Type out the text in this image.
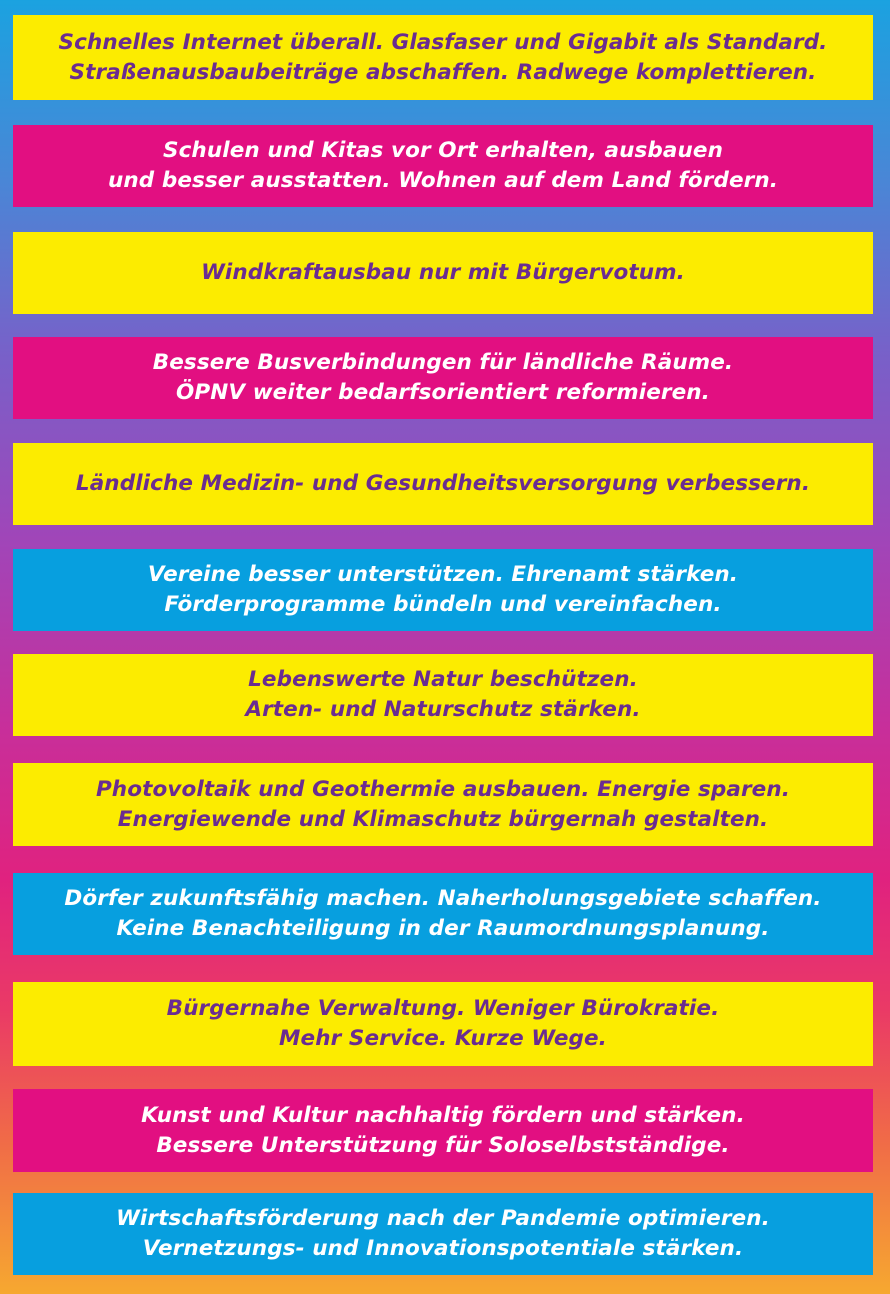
Schnelles Internet überall. Glasfaser und Gigabit als Standard.
Straßenausbaubeiträge abschaffen. Radwege komplettieren.
Schulen und Kitas vor Ort erhalten, ausbauen
und besser ausstatten. Wohnen auf dem Land fördern.
Windkraftausbau nur mit Bürgervotum.
Bessere Busverbindungen für ländliche Räume.
ÖPNV weiter bedarfsorientiert reformieren.
Ländliche Medizin- und Gesundheitsversorgung verbessern.
Vereine besser unterstützen. Ehrenamt stärken.
Förderprogramme bündeln und vereinfachen.
Lebenswerte Natur beschützen.
Arten- und Naturschutz stärken.
Photovoltaik und Geothermie ausbauen. Energie sparen.
Energiewende und Klimaschutz bürgernah gestalten.
Dörfer zukunftsfähig machen. Naherholungsgebiete schaffen.
Keine Benachteiligung in der Raumordnungsplanung.
Bürgernahe Verwaltung. Weniger Bürokratie.
Mehr Service. Kurze Wege.
Kunst und Kultur nachhaltig fördern und stärken.
Bessere Unterstützung für Soloselbstständige.
Wirtschaftsförderung nach der Pandemie optimieren.
Vernetzungs- und Innovationspotentiale stärken.
